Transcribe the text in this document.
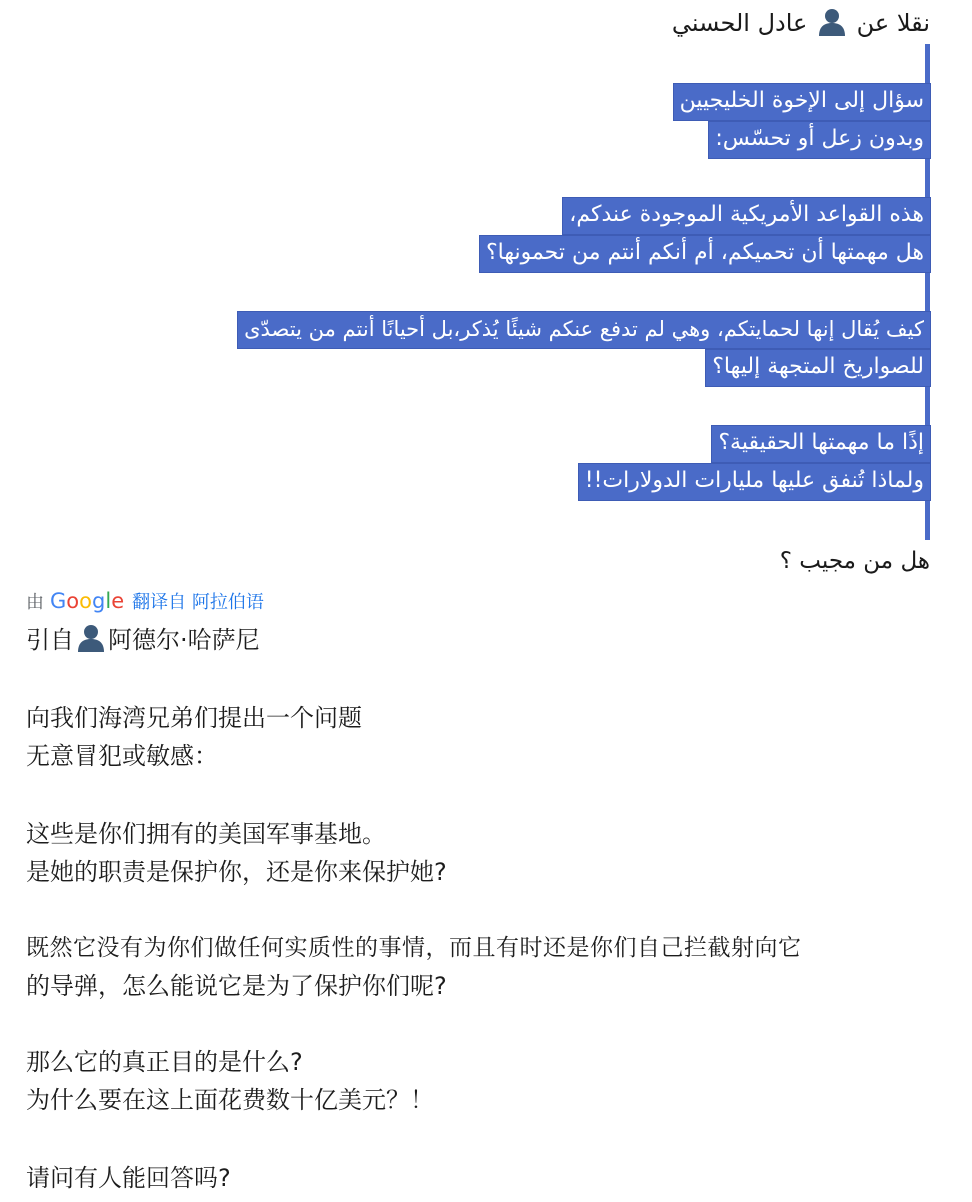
نقلا عن  عادل الحسني
سؤال إلى الإخوة الخليجيين
وبدون زعل أو تحسّس:
هذه القواعد الأمريكية الموجودة عندكم،
هل مهمتها أن تحميكم، أم أنكم أنتم من تحمونها؟
كيف يُقال إنها لحمايتكم، وهي لم تدفع عنكم شيئًا يُذكر،بل أحيانًا أنتم من يتصدّى
للصواريخ المتجهة إليها؟
إذًا ما مهمتها الحقيقية؟
ولماذا تُنفق عليها مليارات الدولارات!!
هل من مجيب ؟
由 Google 翻译自 阿拉伯语
引自 阿德尔·哈萨尼
向我们海湾兄弟们提出一个问题
无意冒犯或敏感：
这些是你们拥有的美国军事基地。
是她的职责是保护你，还是你来保护她?
既然它没有为你们做任何实质性的事情，而且有时还是你们自己拦截射向它
的导弹，怎么能说它是为了保护你们呢?
那么它的真正目的是什么?
为什么要在这上面花费数十亿美元？！
请问有人能回答吗?
